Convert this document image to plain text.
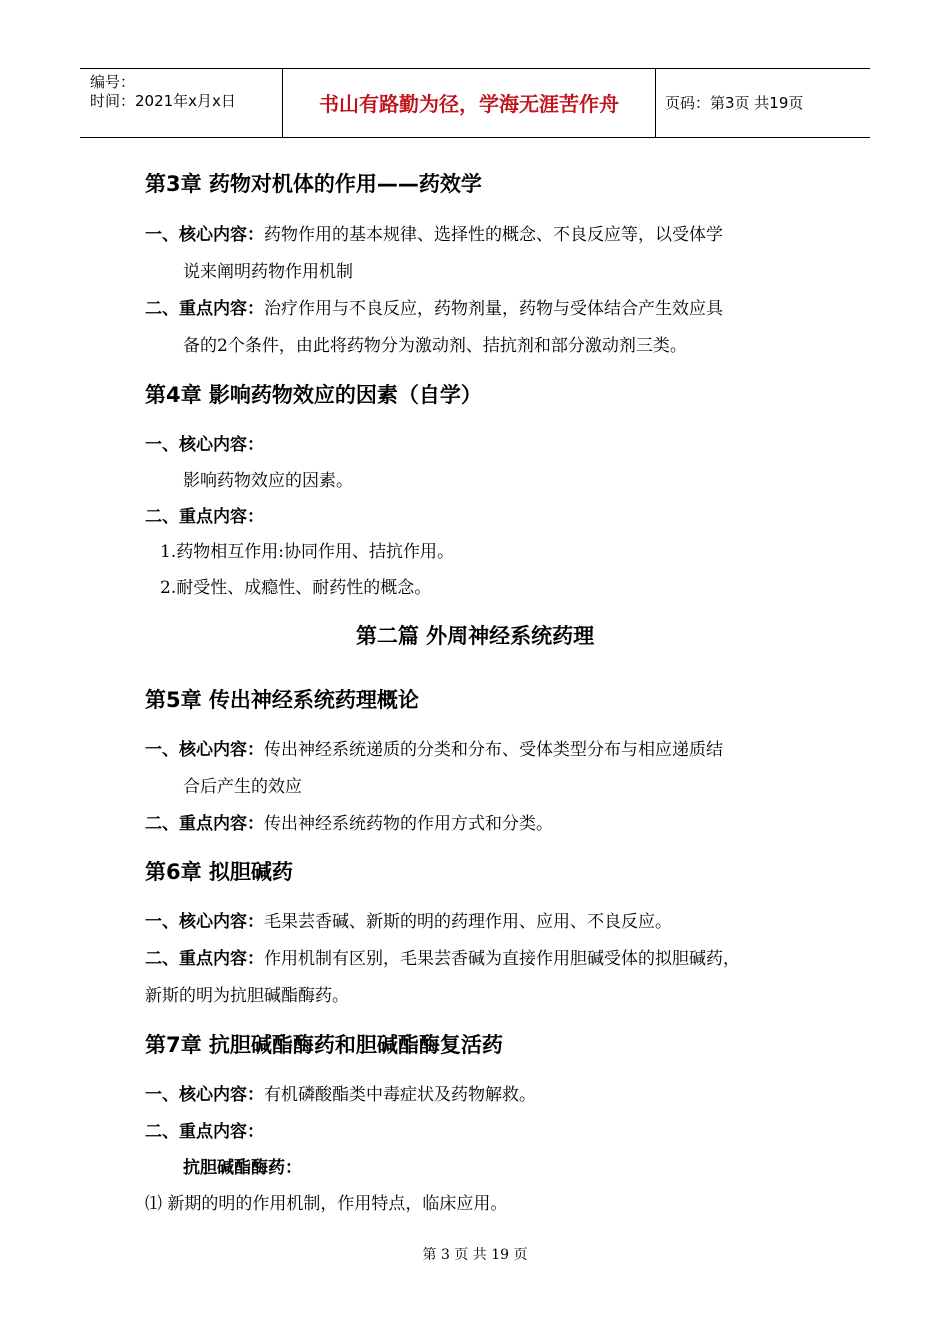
编号：
时间：2021年x月x日	书山有路勤为径，学海无涯苦作舟	页码：第3页 共19页
第3章 药物对机体的作用——药效学
一、核心内容：药物作用的基本规律、选择性的概念、不良反应等，以受体学
说来阐明药物作用机制
二、重点内容：治疗作用与不良反应，药物剂量，药物与受体结合产生效应具
备的2个条件，由此将药物分为激动剂、拮抗剂和部分激动剂三类。
第4章 影响药物效应的因素（自学）
一、核心内容：
影响药物效应的因素。
二、重点内容：
1.药物相互作用:协同作用、拮抗作用。
2.耐受性、成瘾性、耐药性的概念。
第二篇 外周神经系统药理
第5章 传出神经系统药理概论
一、核心内容：传出神经系统递质的分类和分布、受体类型分布与相应递质结
合后产生的效应
二、重点内容：传出神经系统药物的作用方式和分类。
第6章 拟胆碱药
一、核心内容：毛果芸香碱、新斯的明的药理作用、应用、不良反应。
二、重点内容：作用机制有区别，毛果芸香碱为直接作用胆碱受体的拟胆碱药，
新斯的明为抗胆碱酯酶药。
第7章 抗胆碱酯酶药和胆碱酯酶复活药
一、核心内容：有机磷酸酯类中毒症状及药物解救。
二、重点内容：
抗胆碱酯酶药：
⑴ 新期的明的作用机制，作用特点，临床应用。
第 3 页 共 19 页
